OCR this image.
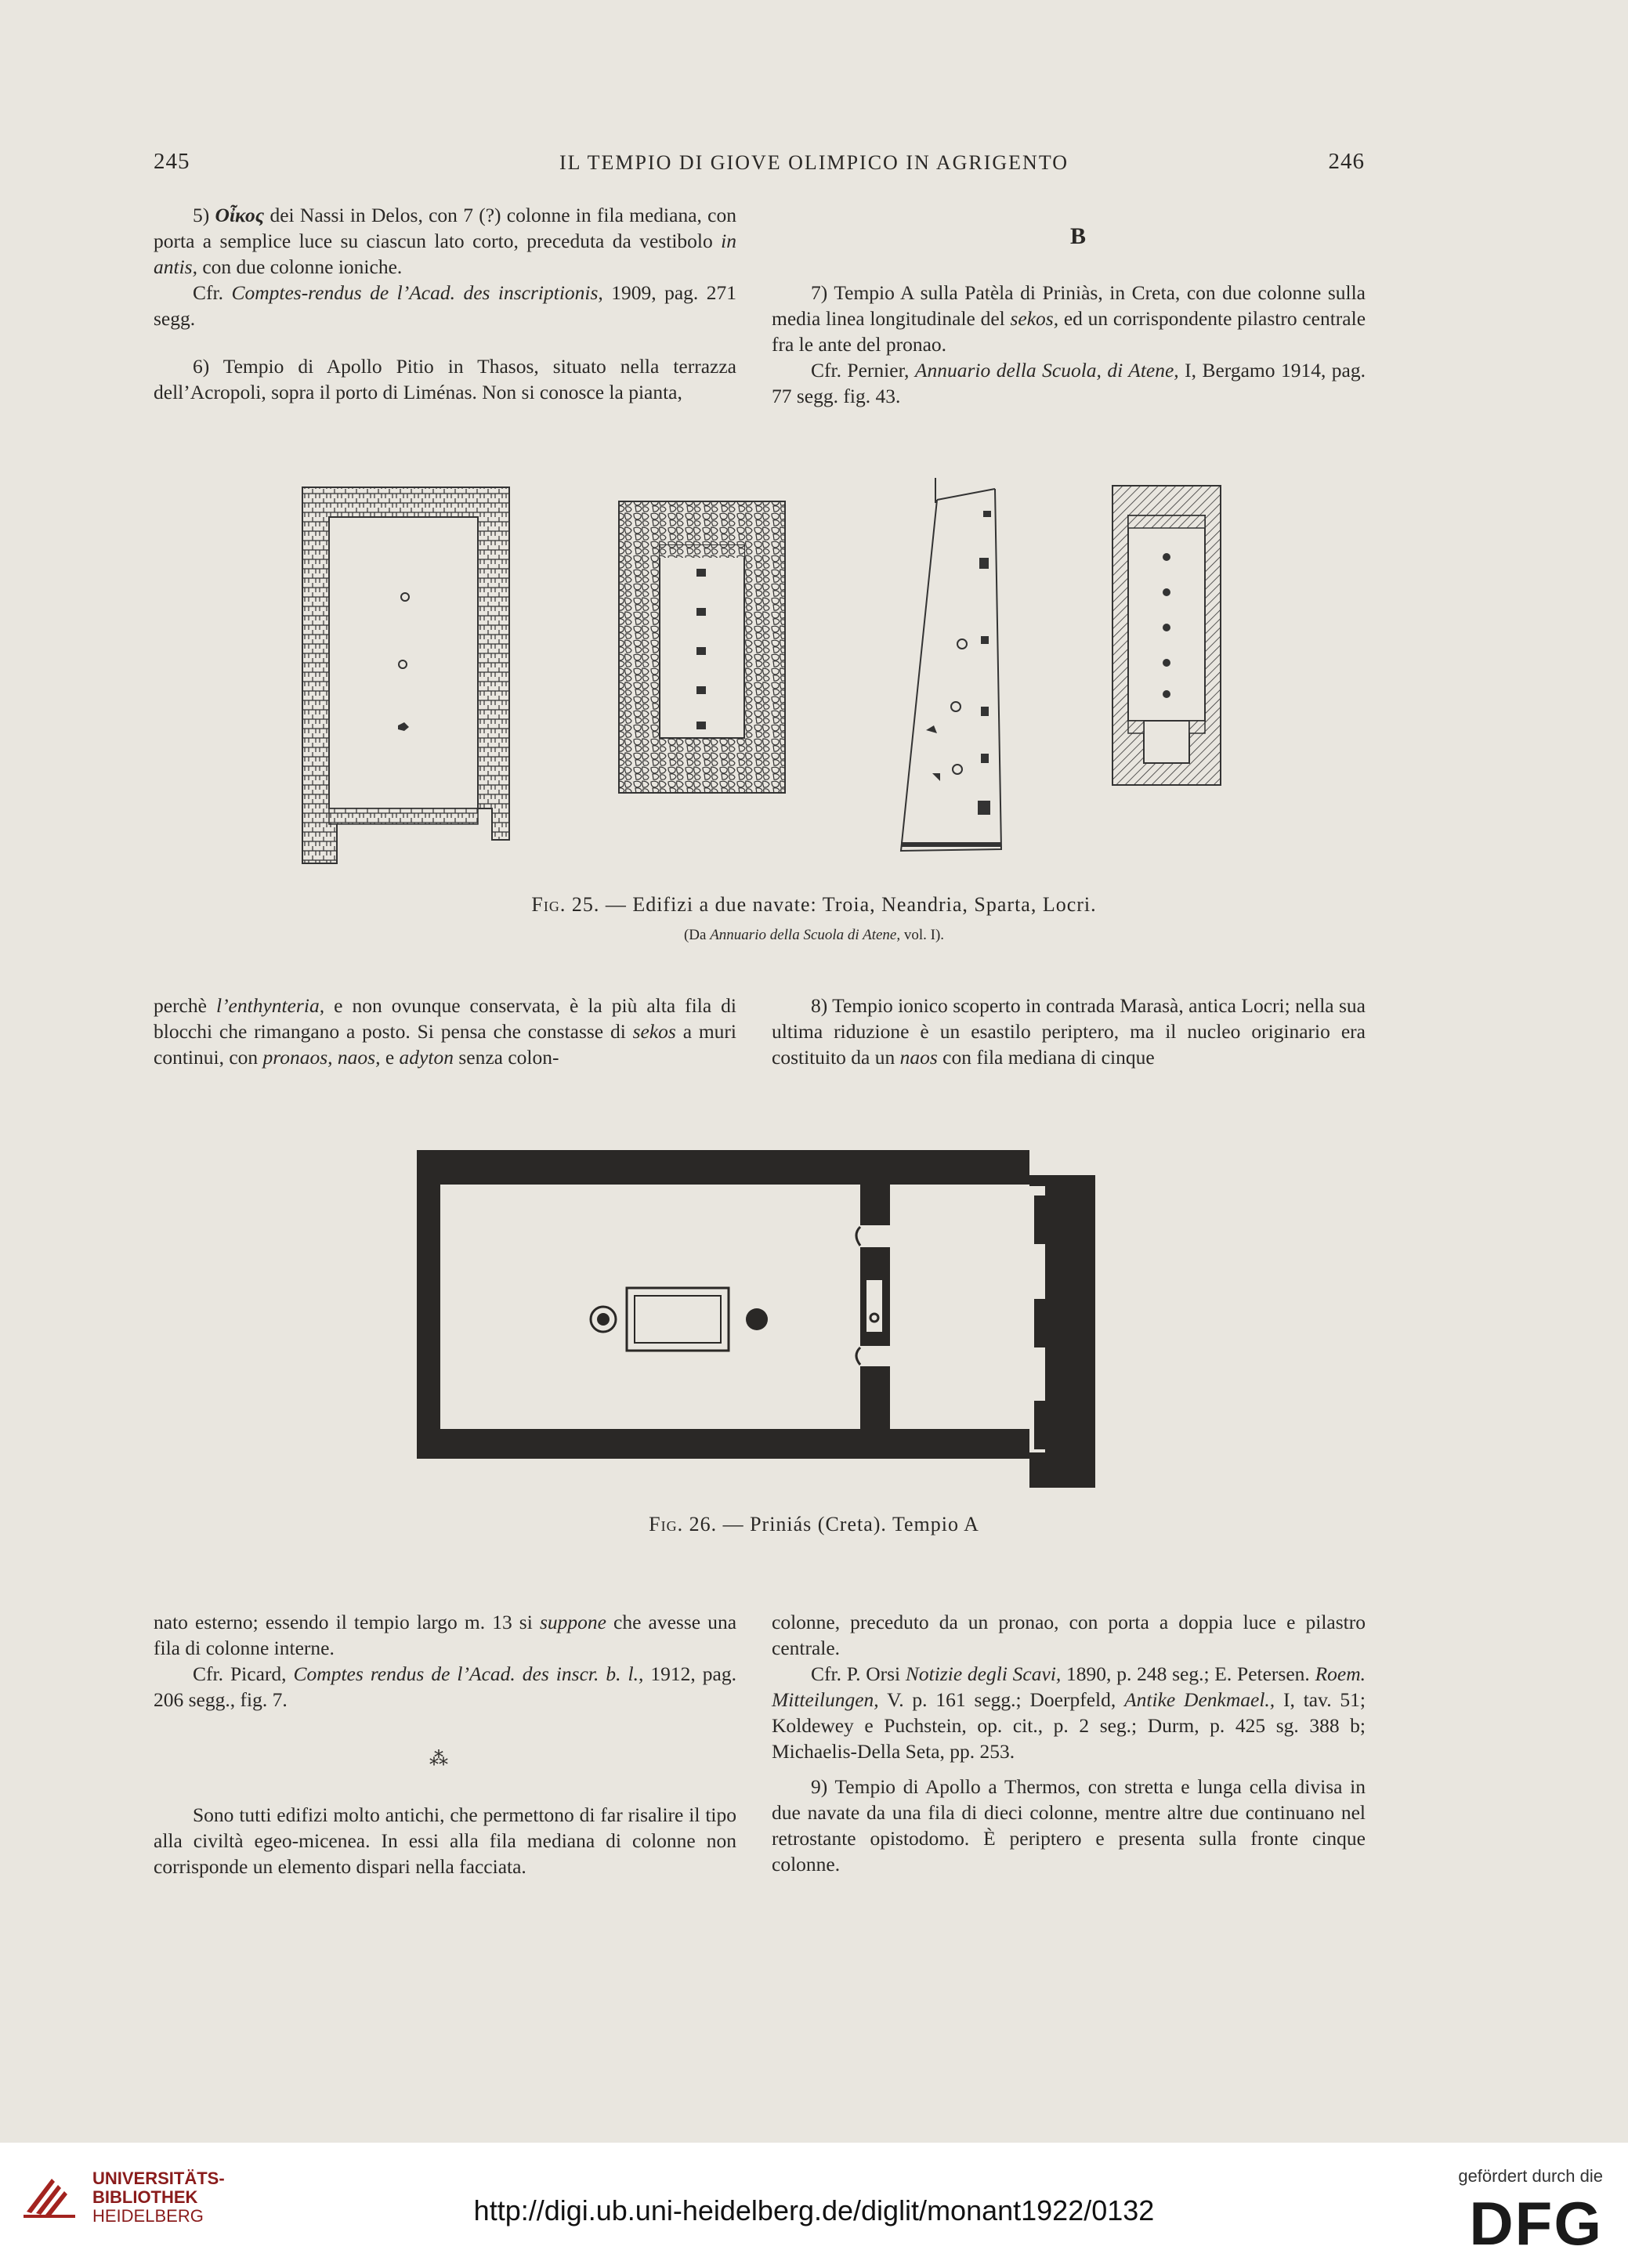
245	IL TEMPIO DI GIOVE OLIMPICO IN AGRIGENTO	246

5) Οἶκος dei Nassi in Delos, con 7 (?) colonne in fila mediana, con porta a semplice luce su ciascun lato corto, preceduta da vestibolo in antis, con due colonne ioniche.

Cfr. Comptes-rendus de l’Acad. des inscriptionis, 1909, pag. 271 segg.

6) Tempio di Apollo Pitio in Thasos, situato nella terrazza dell’Acropoli, sopra il porto di Liménas. Non si conosce la pianta,

B

7) Tempio A sulla Patèla di Priniàs, in Creta, con due colonne sulla media linea longitudinale del sekos, ed un corrispondente pilastro centrale fra le ante del pronao.

Cfr. Pernier, Annuario della Scuola, di Atene, I, Bergamo 1914, pag. 77 segg. fig. 43.

Fig. 25. — Edifizi a due navate: Troia, Neandria, Sparta, Locri.
(Da Annuario della Scuola di Atene, vol. I).

perchè l’enthynteria, e non ovunque conservata, è la più alta fila di blocchi che rimangano a posto. Si pensa che constasse di sekos a muri continui, con pronaos, naos, e adyton senza colon-

8) Tempio ionico scoperto in contrada Marasà, antica Locri; nella sua ultima riduzione è un esastilo periptero, ma il nucleo originario era costituito da un naos con fila mediana di cinque

Fig. 26. — Priniás (Creta). Tempio A

nato esterno; essendo il tempio largo m. 13 si suppone che avesse una fila di colonne interne.

Cfr. Picard, Comptes rendus de l’Acad. des inscr. b. l., 1912, pag. 206 segg., fig. 7.

⁂

Sono tutti edifizi molto antichi, che permettono di far risalire il tipo alla civiltà egeo-micenea. In essi alla fila mediana di colonne non corrisponde un elemento dispari nella facciata.

colonne, preceduto da un pronao, con porta a doppia luce e pilastro centrale.

Cfr. P. Orsi Notizie degli Scavi, 1890, p. 248 seg.; E. Petersen. Roem. Mitteilungen, V. p. 161 segg.; Doerpfeld, Antike Denkmael., I, tav. 51; Koldewey e Puchstein, op. cit., p. 2 seg.; Durm, p. 425 sg. 388 b; Michaelis-Della Seta, pp. 253.

9) Tempio di Apollo a Thermos, con stretta e lunga cella divisa in due navate da una fila di dieci colonne, mentre altre due continuano nel retrostante opistodomo. È periptero e presenta sulla fronte cinque colonne.

UNIVERSITÄTS-
BIBLIOTHEK
HEIDELBERG	http://digi.ub.uni-heidelberg.de/diglit/monant1922/0132
gefördert durch die
DFG
